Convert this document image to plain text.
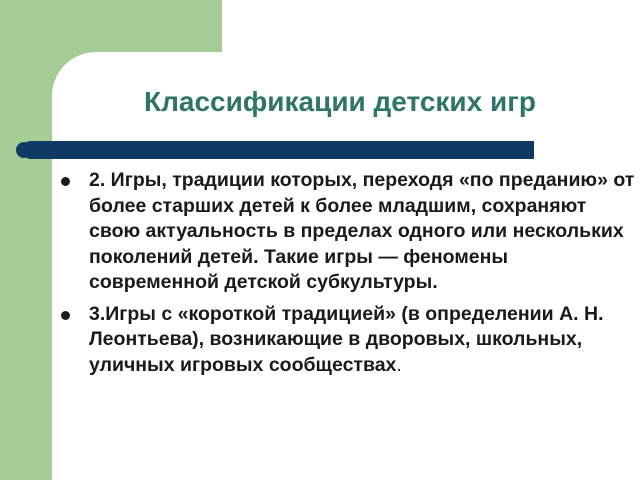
Классификации детских игр
2. Игры, традиции которых, переходя «по преданию» от более старших детей к более младшим, сохраняют свою актуальность в пределах одного или нескольких поколений детей. Такие игры — феномены современной детской субкультуры.
3.Игры с «короткой традицией» (в определении А. Н. Леонтьева), возникающие в дворовых, школьных, уличных игровых сообществах.
